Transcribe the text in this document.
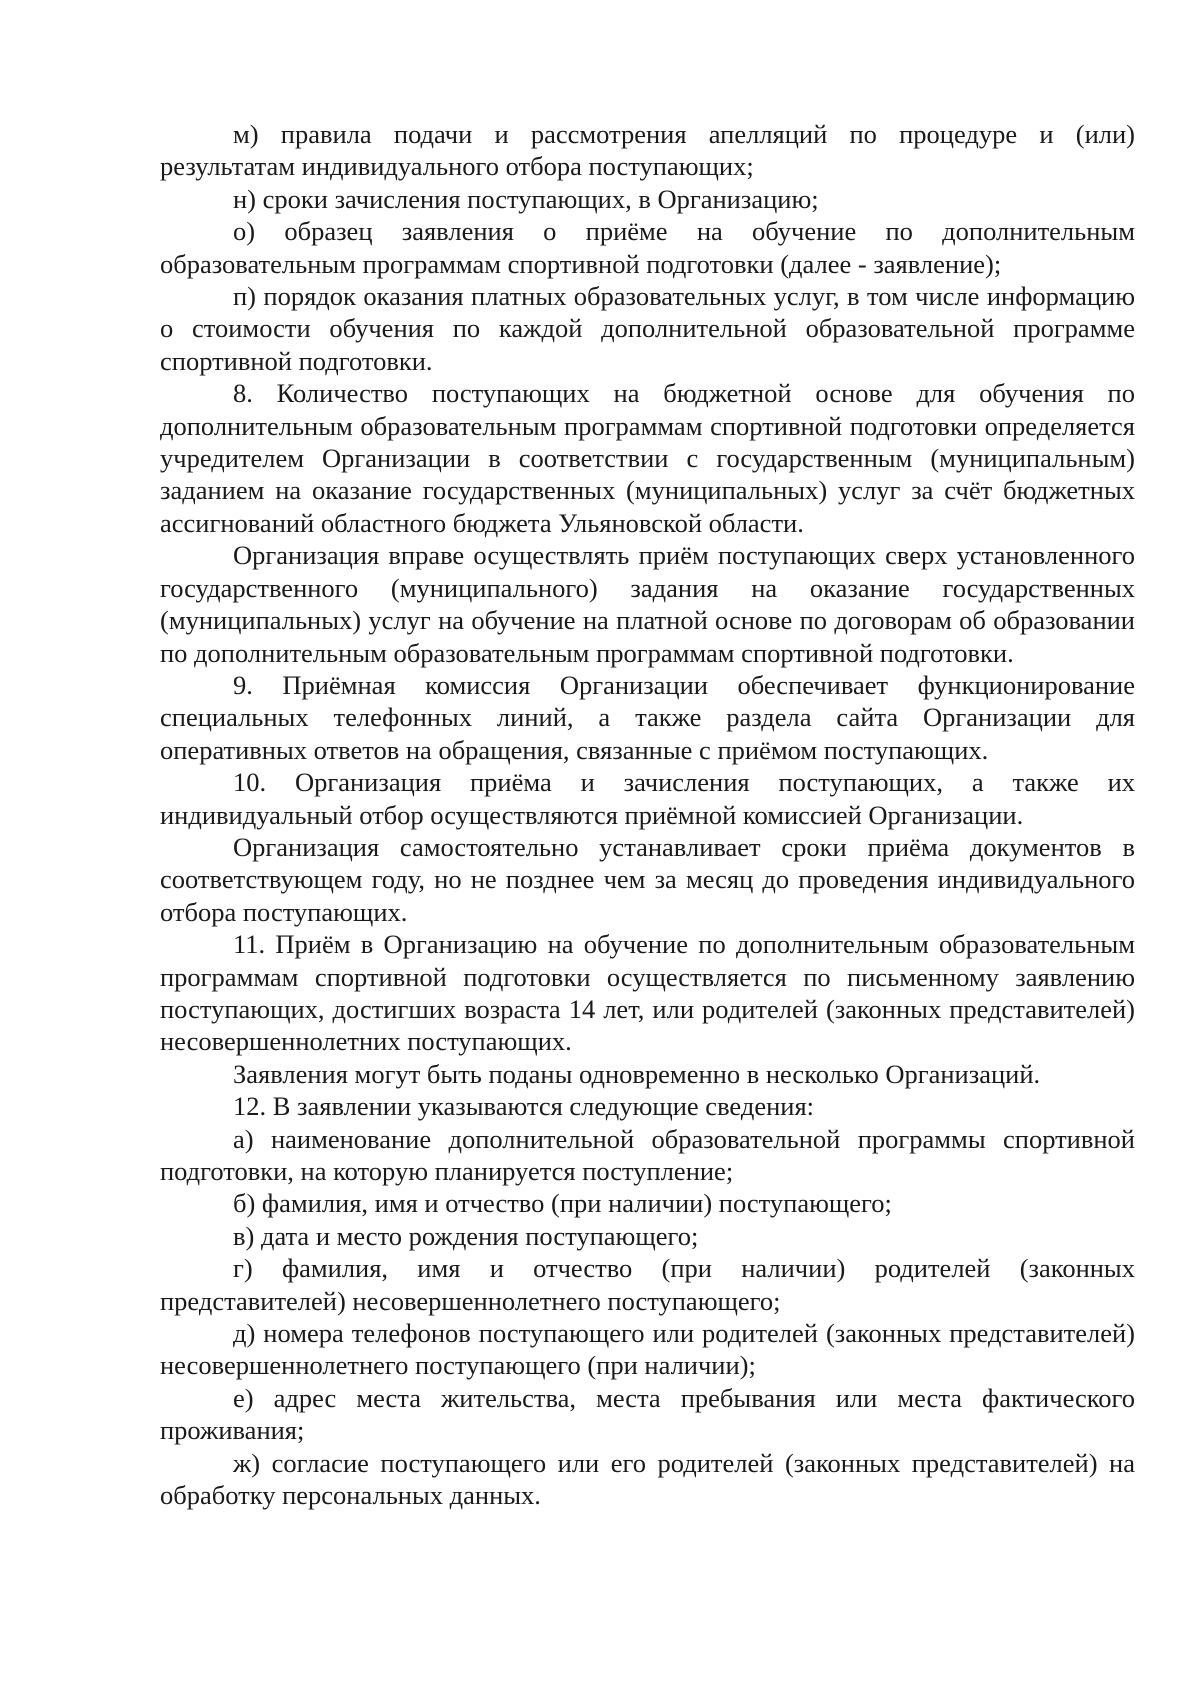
м) правила подачи и рассмотрения апелляций по процедуре и (или) результатам индивидуального отбора поступающих;

н) сроки зачисления поступающих, в Организацию;

о) образец заявления о приёме на обучение по дополнительным образовательным программам спортивной подготовки (далее - заявление);

п) порядок оказания платных образовательных услуг, в том числе информацию о стоимости обучения по каждой дополнительной образовательной программе спортивной подготовки.

8. Количество поступающих на бюджетной основе для обучения по дополнительным образовательным программам спортивной подготовки определяется учредителем Организации в соответствии с государственным (муниципальным) заданием на оказание государственных (муниципальных) услуг за счёт бюджетных ассигнований областного бюджета Ульяновской области.

Организация вправе осуществлять приём поступающих сверх установленного государственного (муниципального) задания на оказание государственных (муниципальных) услуг на обучение на платной основе по договорам об образовании по дополнительным образовательным программам спортивной подготовки.

9. Приёмная комиссия Организации обеспечивает функционирование специальных телефонных линий, а также раздела сайта Организации для оперативных ответов на обращения, связанные с приёмом поступающих.

10. Организация приёма и зачисления поступающих, а также их индивидуальный отбор осуществляются приёмной комиссией Организации.

Организация самостоятельно устанавливает сроки приёма документов в соответствующем году, но не позднее чем за месяц до проведения индивидуального отбора поступающих.

11. Приём в Организацию на обучение по дополнительным образовательным программам спортивной подготовки осуществляется по письменному заявлению поступающих, достигших возраста 14 лет, или родителей (законных представителей) несовершеннолетних поступающих.

Заявления могут быть поданы одновременно в несколько Организаций.

12. В заявлении указываются следующие сведения:

а) наименование дополнительной образовательной программы спортивной подготовки, на которую планируется поступление;

б) фамилия, имя и отчество (при наличии) поступающего;

в) дата и место рождения поступающего;

г) фамилия, имя и отчество (при наличии) родителей (законных представителей) несовершеннолетнего поступающего;

д) номера телефонов поступающего или родителей (законных представителей) несовершеннолетнего поступающего (при наличии);

е) адрес места жительства, места пребывания или места фактического проживания;

ж) согласие поступающего или его родителей (законных представителей) на обработку персональных данных.
